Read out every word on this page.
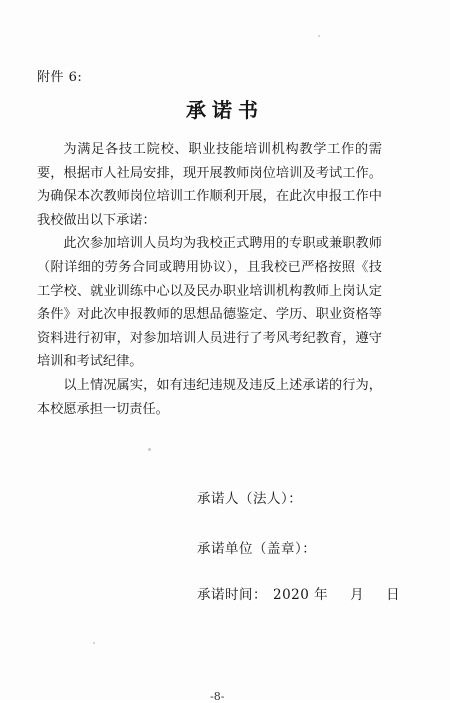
附件 6:
承诺书

为满足各技工院校、职业技能培训机构教学工作的需要，根据市人社局安排，现开展教师岗位培训及考试工作。为确保本次教师岗位培训工作顺利开展，在此次申报工作中我校做出以下承诺：

此次参加培训人员均为我校正式聘用的专职或兼职教师（附详细的劳务合同或聘用协议），且我校已严格按照《技工学校、就业训练中心以及民办职业培训机构教师上岗认定条件》对此次申报教师的思想品德鉴定、学历、职业资格等资料进行初审，对参加培训人员进行了考风考纪教育，遵守培训和考试纪律。

以上情况属实，如有违纪违规及违反上述承诺的行为，本校愿承担一切责任。

承诺人（法人）：
承诺单位（盖章）：
承诺时间： 2020 年 月 日
-8-
